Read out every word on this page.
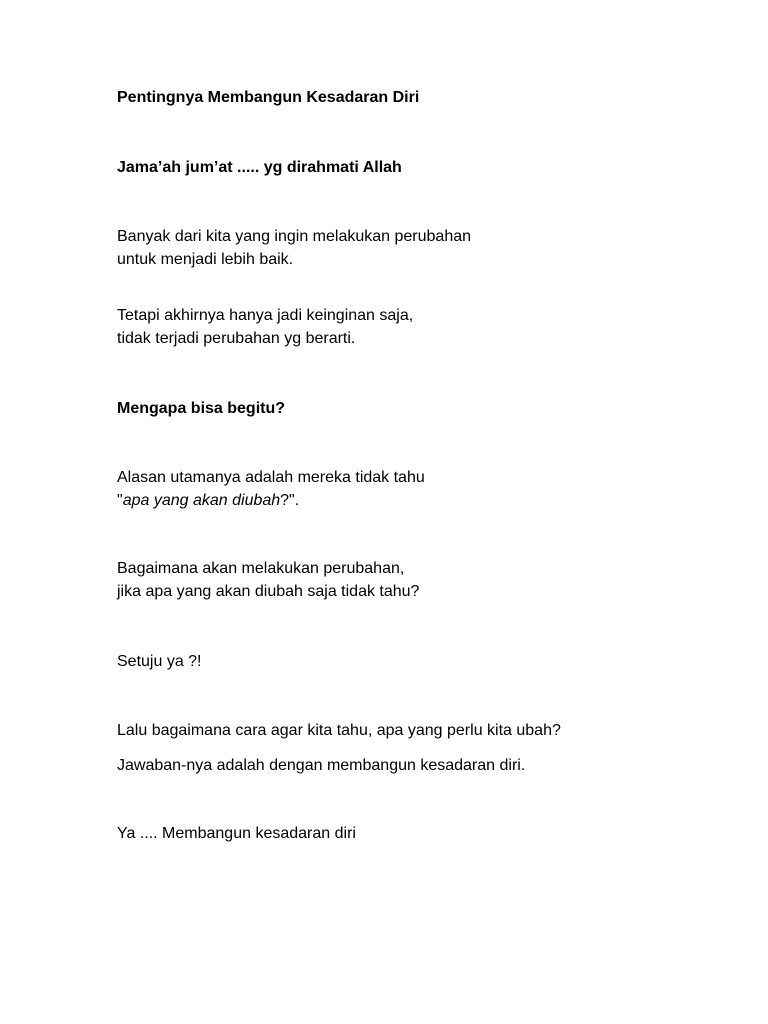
Pentingnya Membangun Kesadaran Diri

Jama’ah jum’at ..... yg dirahmati Allah

Banyak dari kita yang ingin melakukan perubahan
untuk menjadi lebih baik.
Tetapi akhirnya hanya jadi keinginan saja,
tidak terjadi perubahan yg berarti.

Mengapa bisa begitu?

Alasan utamanya adalah mereka tidak tahu
"apa yang akan diubah?".
Bagaimana akan melakukan perubahan,
jika apa yang akan diubah saja tidak tahu?

Setuju ya ?!

Lalu bagaimana cara agar kita tahu, apa yang perlu kita ubah?

Jawaban-nya adalah dengan membangun kesadaran diri.

Ya .... Membangun kesadaran diri
